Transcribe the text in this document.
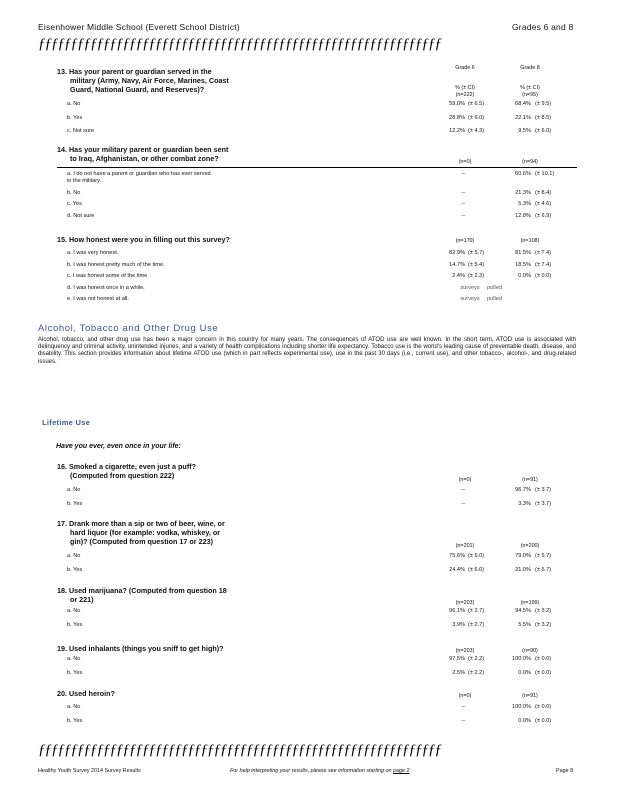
Eisenhower Middle School (Everett School District)	Grades 6 and 8
ƒƒƒƒƒƒƒƒƒƒƒƒƒƒƒƒƒƒƒƒƒƒƒƒƒƒƒƒƒƒƒƒƒƒƒƒƒƒƒƒƒƒƒƒƒƒƒƒƒƒƒƒƒƒƒƒƒƒƒƒƒƒ
Grade 6	Grade 8
% (± CI)	% (± CI)
13. Has your parent or guardian served in the
military (Army, Navy, Air Force, Marines, Coast
Guard, National Guard, and Reserves)?
(n=222)	(n=95)
a. No	59.0% (± 6.5)	68.4% (± 9.5)
b. Yes	28.8% (± 6.0)	22.1% (± 8.5)
c. Not sure	12.2% (± 4.3)	9.5% (± 6.0)
14. Has your military parent or guardian been sent
to Iraq, Afghanistan, or other combat zone?	(n=0)	(n=94)
a. I do not have a parent or guardian who has ever served	--	60.6% (± 10.1)
in the military.
b. No	--	21.3% (± 8.4)
c. Yes	--	5.3% (± 4.6)
d. Not sure	--	12.8% (± 6.9)
15. How honest were you in filling out this survey?	(n=170)	(n=108)
a. I was very honest.	82.9% (± 5.7)	81.5% (± 7.4)
b. I was honest pretty much of the time.	14.7% (± 5.4)	18.5% (± 7.4)
c. I was honest some of the time	2.4% (± 2.3)	0.0% (± 0.0)
d. I was honest once in a while.	surveys	pulled
e. I was not honest at all.	surveys	pulled
16. Smoked a cigarette, even just a puff?
(Computed from question 222)
(n=0)	(n=91)
a. No	--	96.7% (± 3.7)
b. Yes	--	3.3% (± 3.7)
17. Drank more than a sip or two of beer, wine, or
hard liquor (for example: vodka, whiskey, or
gin)? (Computed from question 17 or 223)
(n=201)	(n=200)
a. No	75.6% (± 6.0)	79.0% (± 5.7)
b. Yes	24.4% (± 6.0)	21.0% (± 5.7)
18. Used marijuana? (Computed from question 18
or 221)	(n=203)	(n=199)
a. No	96.1% (± 2.7)	94.5% (± 3.2)
b. Yes	3.9% (± 2.7)	5.5% (± 3.2)
19. Used inhalants (things you sniff to get high)?	(n=203)	(n=90)
a. No	97.5% (± 2.2)	100.0% (± 0.0)
b. Yes	2.5% (± 2.2)	0.0% (± 0.0)
20. Used heroin?	(n=0)	(n=91)
a. No	--	100.0% (± 0.0)
b. Yes	--	0.0% (± 0.0)
Alcohol, Tobacco and Other Drug Use
Alcohol, tobacco, and other drug use has been a major concern in this country for many years. The consequences of ATOD use are well known. In the short term, ATOD use is associated with delinquency and criminal activity, unintended injuries, and a variety of health complications including shorter life expectancy. Tobacco use is the world's leading cause of preventable death, disease, and disability. This section provides information about lifetime ATOD use (which in part reflects experimental use), use in the past 30 days (i.e., current use), and other tobacco-, alcohol-, and drug-related issues.
Lifetime Use
Have you ever, even once in your life:
ƒƒƒƒƒƒƒƒƒƒƒƒƒƒƒƒƒƒƒƒƒƒƒƒƒƒƒƒƒƒƒƒƒƒƒƒƒƒƒƒƒƒƒƒƒƒƒƒƒƒƒƒƒƒƒƒƒƒƒƒƒƒ
Healthy Youth Survey 2014 Survey Results	For help interpreting your results, please see information starting on page 2	Page 8
